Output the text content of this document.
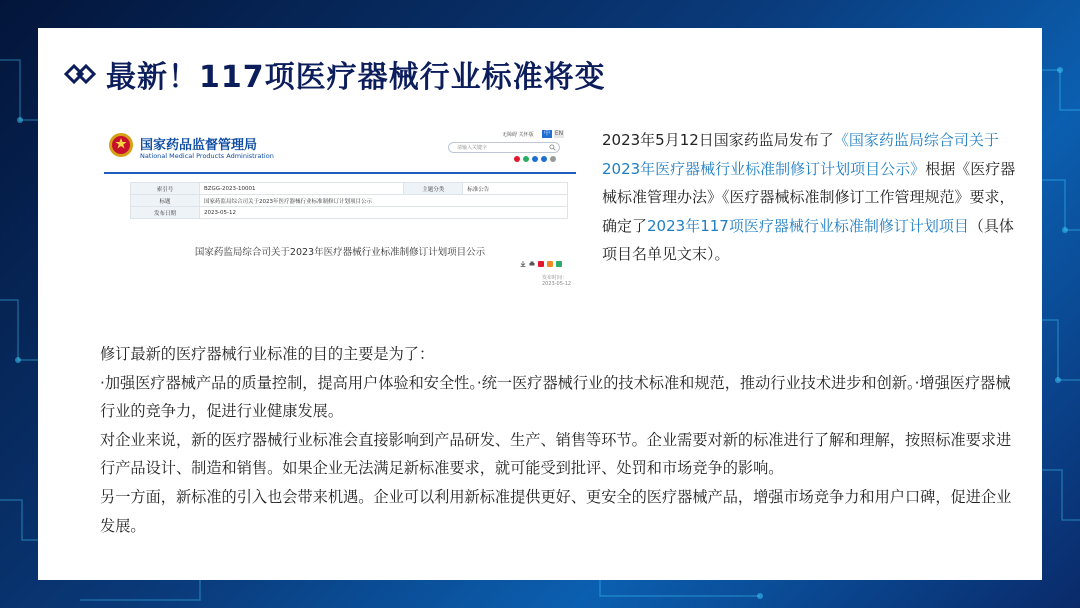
最新！117项医疗器械行业标准将变
国家药品监督管理局
National Medical Products Administration
无障碍 关怀版	中 EN
请输入关键字
索引号	BZGG-2023-10001	主题分类	标准公告
标题	国家药监局综合司关于2023年医疗器械行业标准制修订计划项目公示		
发布日期	2023-05-12		
国家药监局综合司关于2023年医疗器械行业标准制修订计划项目公示
发布时间：2023-05-12
2023年5月12日国家药监局发布了《国家药监局综合司关于2023年医疗器械行业标准制修订计划项目公示》根据《医疗器械标准管理办法》《医疗器械标准制修订工作管理规范》要求，确定了2023年117项医疗器械行业标准制修订计划项目（具体项目名单见文末）。

修订最新的医疗器械行业标准的目的主要是为了：

·加强医疗器械产品的质量控制，提高用户体验和安全性。·统一医疗器械行业的技术标准和规范，推动行业技术进步和创新。·增强医疗器械行业的竞争力，促进行业健康发展。

对企业来说，新的医疗器械行业标准会直接影响到产品研发、生产、销售等环节。企业需要对新的标准进行了解和理解，按照标准要求进行产品设计、制造和销售。如果企业无法满足新标准要求，就可能受到批评、处罚和市场竞争的影响。

另一方面，新标准的引入也会带来机遇。企业可以利用新标准提供更好、更安全的医疗器械产品，增强市场竞争力和用户口碑，促进企业发展。
